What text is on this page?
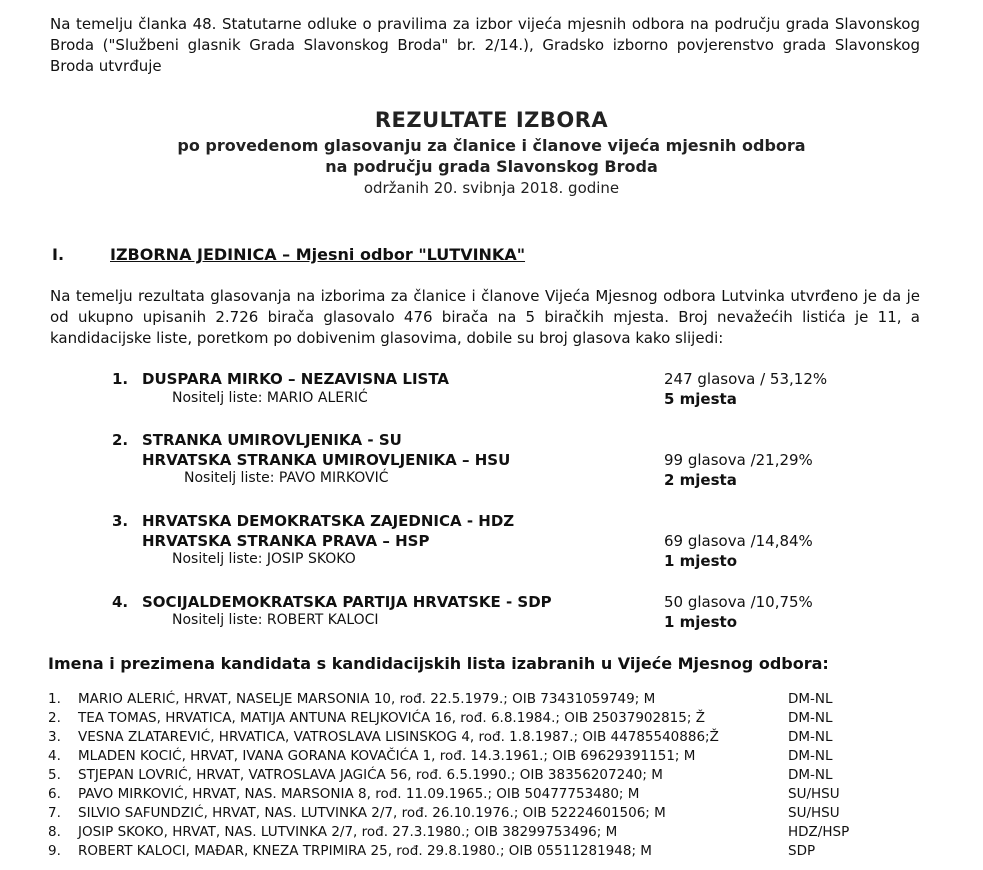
Na temelju članka 48. Statutarne odluke o pravilima za izbor vijeća mjesnih odbora na području grada Slavonskog Broda ("Službeni glasnik Grada Slavonskog Broda" br. 2/14.), Gradsko izborno povjerenstvo grada Slavonskog Broda utvrđuje
REZULTATE IZBORA
po provedenom glasovanju za članice i članove vijeća mjesnih odbora
na području grada Slavonskog Broda
održanih 20. svibnja 2018. godine
I.	IZBORNA JEDINICA – Mjesni odbor "LUTVINKA"
Na temelju rezultata glasovanja na izborima za članice i članove Vijeća Mjesnog odbora Lutvinka utvrđeno je da je od ukupno upisanih 2.726 birača glasovalo 476 birača na 5 biračkih mjesta. Broj nevažećih listića je 11, a kandidacijske liste, poretkom po dobivenim glasovima, dobile su broj glasova kako slijedi:
1. DUSPARA MIRKO – NEZAVISNA LISTA
Nositelj liste: MARIO ALERIĆ
247 glasova / 53,12%
5 mjesta
2. STRANKA UMIROVLJENIKA - SU
HRVATSKA STRANKA UMIROVLJENIKA – HSU
Nositelj liste: PAVO MIRKOVIĆ
99 glasova /21,29%
2 mjesta
3. HRVATSKA DEMOKRATSKA ZAJEDNICA - HDZ
HRVATSKA STRANKA PRAVA – HSP
Nositelj liste: JOSIP SKOKO
69 glasova /14,84%
1 mjesto
4. SOCIJALDEMOKRATSKA PARTIJA HRVATSKE - SDP
Nositelj liste: ROBERT KALOCI
50 glasova /10,75%
1 mjesto
Imena i prezimena kandidata s kandidacijskih lista izabranih u Vijeće Mjesnog odbora:
1. MARIO ALERIĆ, HRVAT, NASELJE MARSONIA 10, rođ. 22.5.1979.; OIB 73431059749; M	DM-NL
2. TEA TOMAS, HRVATICA, MATIJA ANTUNA RELJKOVIĆA 16, rođ. 6.8.1984.; OIB 25037902815; Ž	DM-NL
3. VESNA ZLATAREVIĆ, HRVATICA, VATROSLAVA LISINSKOG 4, rođ. 1.8.1987.; OIB 44785540886;Ž	DM-NL
4. MLADEN KOCIĆ, HRVAT, IVANA GORANA KOVAČIĆA 1, rođ. 14.3.1961.; OIB 69629391151; M	DM-NL
5. STJEPAN LOVRIĆ, HRVAT, VATROSLAVA JAGIĆA 56, rođ. 6.5.1990.; OIB 38356207240; M	DM-NL
6. PAVO MIRKOVIĆ, HRVAT, NAS. MARSONIA 8, rođ. 11.09.1965.; OIB 50477753480; M	SU/HSU
7. SILVIO SAFUNDZIĆ, HRVAT, NAS. LUTVINKA 2/7, rođ. 26.10.1976.; OIB 52224601506; M	SU/HSU
8. JOSIP SKOKO, HRVAT, NAS. LUTVINKA 2/7, rođ. 27.3.1980.; OIB 38299753496; M	HDZ/HSP
9. ROBERT KALOCI, MAĐAR, KNEZA TRPIMIRA 25, rođ. 29.8.1980.; OIB 05511281948; M	SDP
